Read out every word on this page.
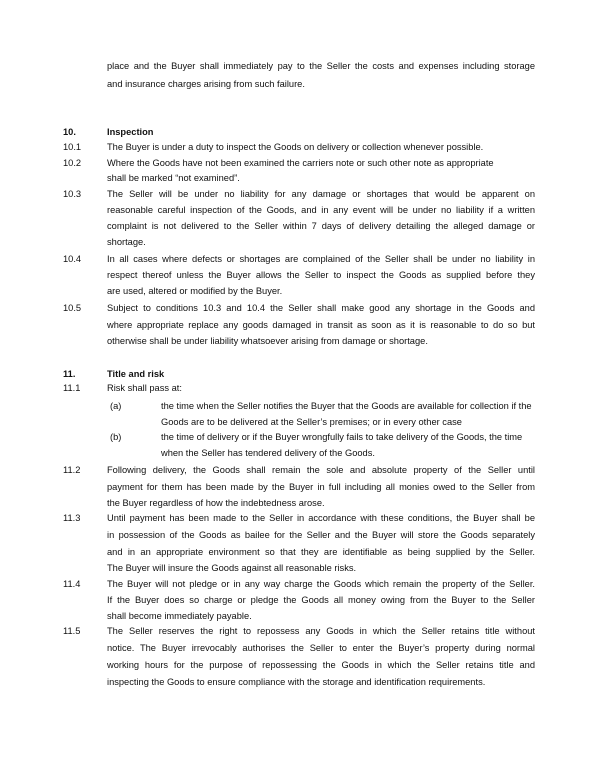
place and the Buyer shall immediately pay to the Seller the costs and expenses including storage
and insurance charges arising from such failure.
10.	Inspection
10.1	The Buyer is under a duty to inspect the Goods on delivery or collection whenever possible.
10.2	Where the Goods have not been examined the carriers note or such other note as appropriate
shall be marked “not examined”.
10.3	The Seller will be under no liability for any damage or shortages that would be apparent on
reasonable careful inspection of the Goods, and in any event will be under no liability if a written
complaint is not delivered to the Seller within 7 days of delivery detailing the alleged damage or
shortage.
10.4	In all cases where defects or shortages are complained of the Seller shall be under no liability in
respect thereof unless the Buyer allows the Seller to inspect the Goods as supplied before they
are used, altered or modified by the Buyer.
10.5	Subject to conditions 10.3 and 10.4 the Seller shall make good any shortage in the Goods and
where appropriate replace any goods damaged in transit as soon as it is reasonable to do so but
otherwise shall be under liability whatsoever arising from damage or shortage.
11.	Title and risk
11.1	Risk shall pass at:
(a)	the time when the Seller notifies the Buyer that the Goods are available for collection if the
Goods are to be delivered at the Seller’s premises; or in every other case
(b)	the time of delivery or if the Buyer wrongfully fails to take delivery of the Goods, the time
when the Seller has tendered delivery of the Goods.
11.2	Following delivery, the Goods shall remain the sole and absolute property of the Seller until
payment for them has been made by the Buyer in full including all monies owed to the Seller from
the Buyer regardless of how the indebtedness arose.
11.3	Until payment has been made to the Seller in accordance with these conditions, the Buyer shall be
in possession of the Goods as bailee for the Seller and the Buyer will store the Goods separately
and in an appropriate environment so that they are identifiable as being supplied by the Seller.
The Buyer will insure the Goods against all reasonable risks.
11.4	The Buyer will not pledge or in any way charge the Goods which remain the property of the Seller.
If the Buyer does so charge or pledge the Goods all money owing from the Buyer to the Seller
shall become immediately payable.
11.5	The Seller reserves the right to repossess any Goods in which the Seller retains title without
notice. The Buyer irrevocably authorises the Seller to enter the Buyer’s property during normal
working hours for the purpose of repossessing the Goods in which the Seller retains title and
inspecting the Goods to ensure compliance with the storage and identification requirements.
